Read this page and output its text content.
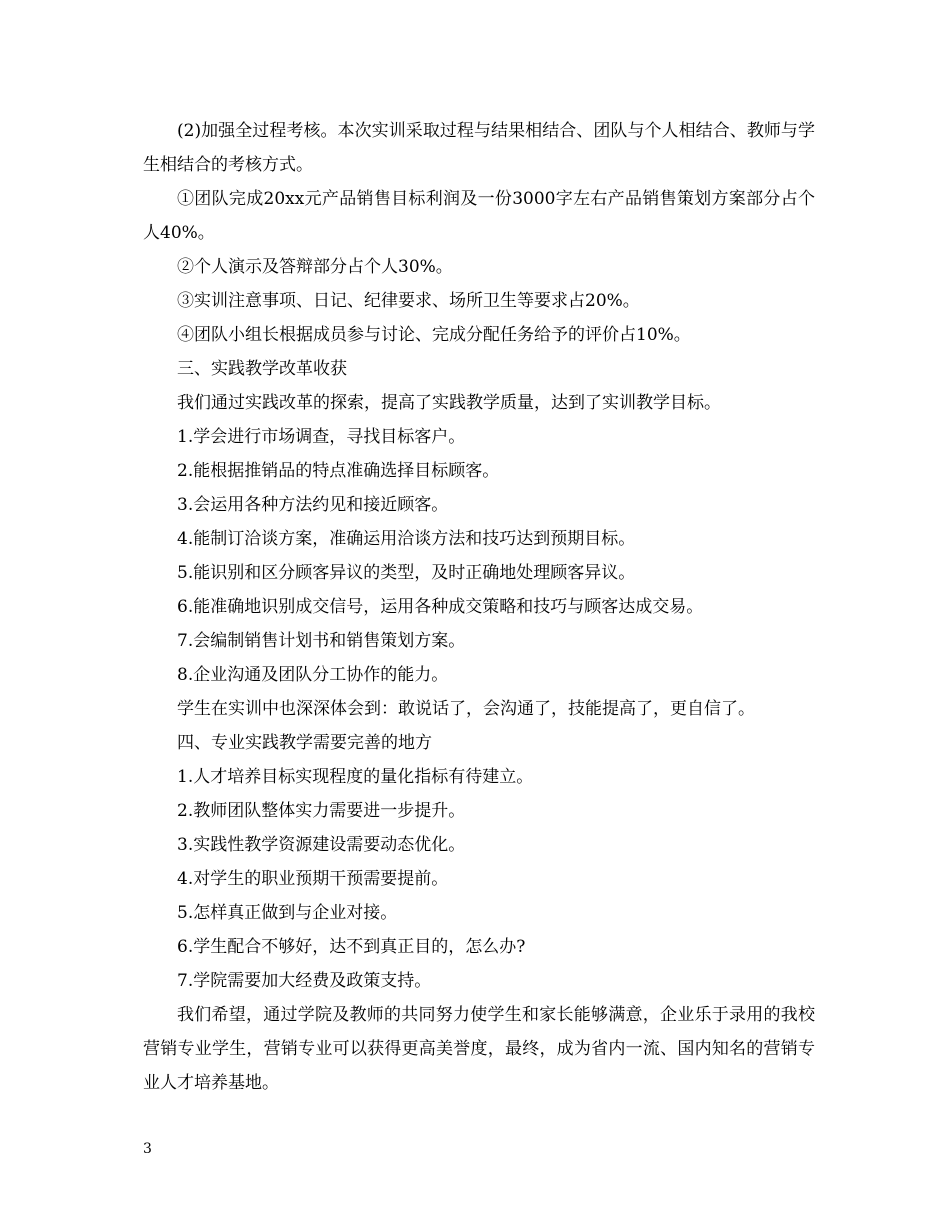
(2)加强全过程考核。本次实训采取过程与结果相结合、团队与个人相结合、教师与学生相结合的考核方式。

①团队完成20xx元产品销售目标利润及一份3000字左右产品销售策划方案部分占个人40%。

②个人演示及答辩部分占个人30%。

③实训注意事项、日记、纪律要求、场所卫生等要求占20%。

④团队小组长根据成员参与讨论、完成分配任务给予的评价占10%。

三、实践教学改革收获

我们通过实践改革的探索，提高了实践教学质量，达到了实训教学目标。

1.学会进行市场调查，寻找目标客户。

2.能根据推销品的特点准确选择目标顾客。

3.会运用各种方法约见和接近顾客。

4.能制订洽谈方案，准确运用洽谈方法和技巧达到预期目标。

5.能识别和区分顾客异议的类型，及时正确地处理顾客异议。

6.能准确地识别成交信号，运用各种成交策略和技巧与顾客达成交易。

7.会编制销售计划书和销售策划方案。

8.企业沟通及团队分工协作的能力。

学生在实训中也深深体会到：敢说话了，会沟通了，技能提高了，更自信了。

四、专业实践教学需要完善的地方

1.人才培养目标实现程度的量化指标有待建立。

2.教师团队整体实力需要进一步提升。

3.实践性教学资源建设需要动态优化。

4.对学生的职业预期干预需要提前。

5.怎样真正做到与企业对接。

6.学生配合不够好，达不到真正目的，怎么办?

7.学院需要加大经费及政策支持。

我们希望，通过学院及教师的共同努力使学生和家长能够满意，企业乐于录用的我校营销专业学生，营销专业可以获得更高美誉度，最终，成为省内一流、国内知名的营销专业人才培养基地。

3
